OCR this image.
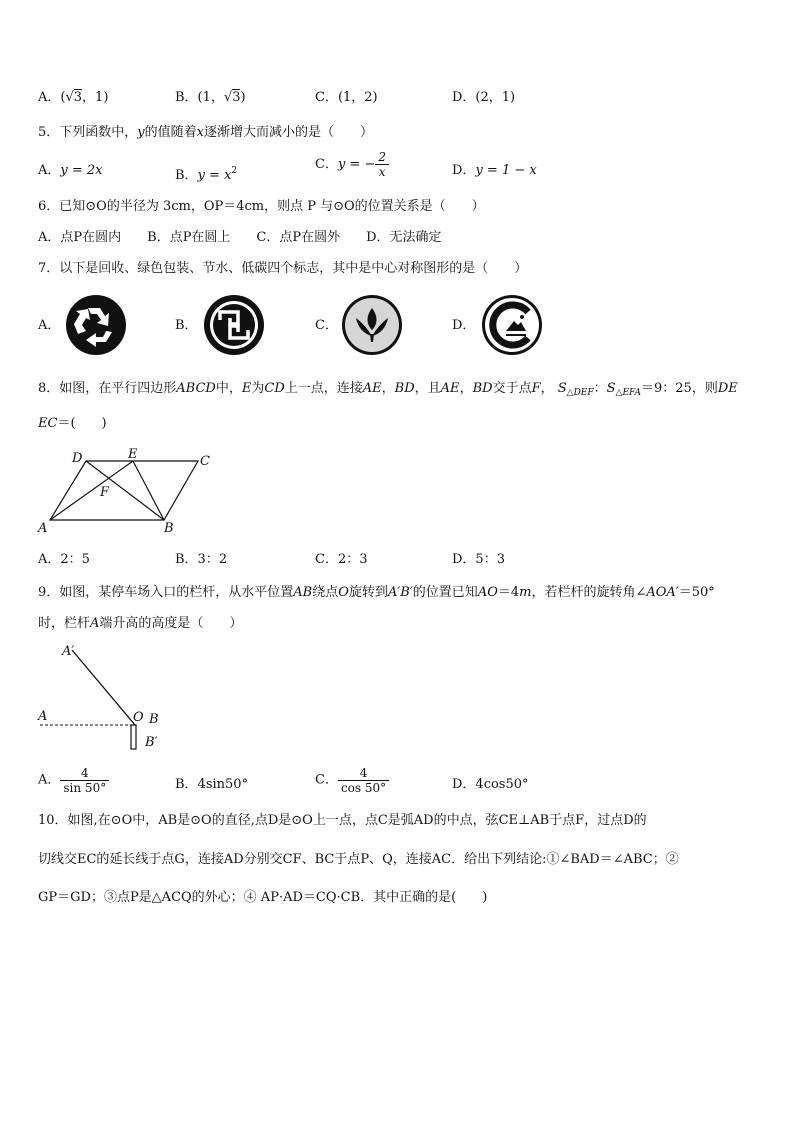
A．(√3，1)	B．(1，√3)	C．(1，2)	D．(2，1)
5．下列函数中，y的值随着x逐渐增大而减小的是（　　）
A．y = 2x	B．$y = x^2$	C．y = − $\frac{2}{x}$	D．y = 1 − x
6．已知⊙O的半径为 3cm，OP＝4cm，则点 P 与⊙O的位置关系是（　　）
A．点P在圆内　　B．点P在圆上　　C．点P在圆外　　D．无法确定
7．以下是回收、绿色包装、节水、低碳四个标志，其中是中心对称图形的是（　　）
A．	B．	C．	D．
8．如图，在平行四边形ABCD中，E为CD上一点，连接AE，BD，且AE，BD交于点F， $S_{\triangle DEF}$：$S_{\triangle EFA}=9$：25，则DE
EC＝(　　)
D	E	C
F
A	B
A．2：5	B．3：2	C．2：3	D．5：3
9．如图，某停车场入口的栏杆，从水平位置AB绕点O旋转到A′B′的位置已知AO＝4m，若栏杆的旋转角∠AOA′＝50°
时，栏杆A端升高的高度是（　　）
A′
A	O B
B′
A． $\frac{4}{\sin 50^\circ}$	B．4sin50°	C． $\frac{4}{\cos 50^\circ}$	D．4cos50°
10．如图,在⊙O中，AB是⊙O的直径,点D是⊙O上一点，点C是弧AD的中点，弦CE⊥AB于点F，过点D的
切线交EC的延长线于点G，连接AD分别交CF、BC于点P、Q，连接AC．给出下列结论:①∠BAD＝∠ABC；②
GP＝GD；③点P是△ACQ的外心；④ AP·AD＝CQ·CB．其中正确的是(　　)
